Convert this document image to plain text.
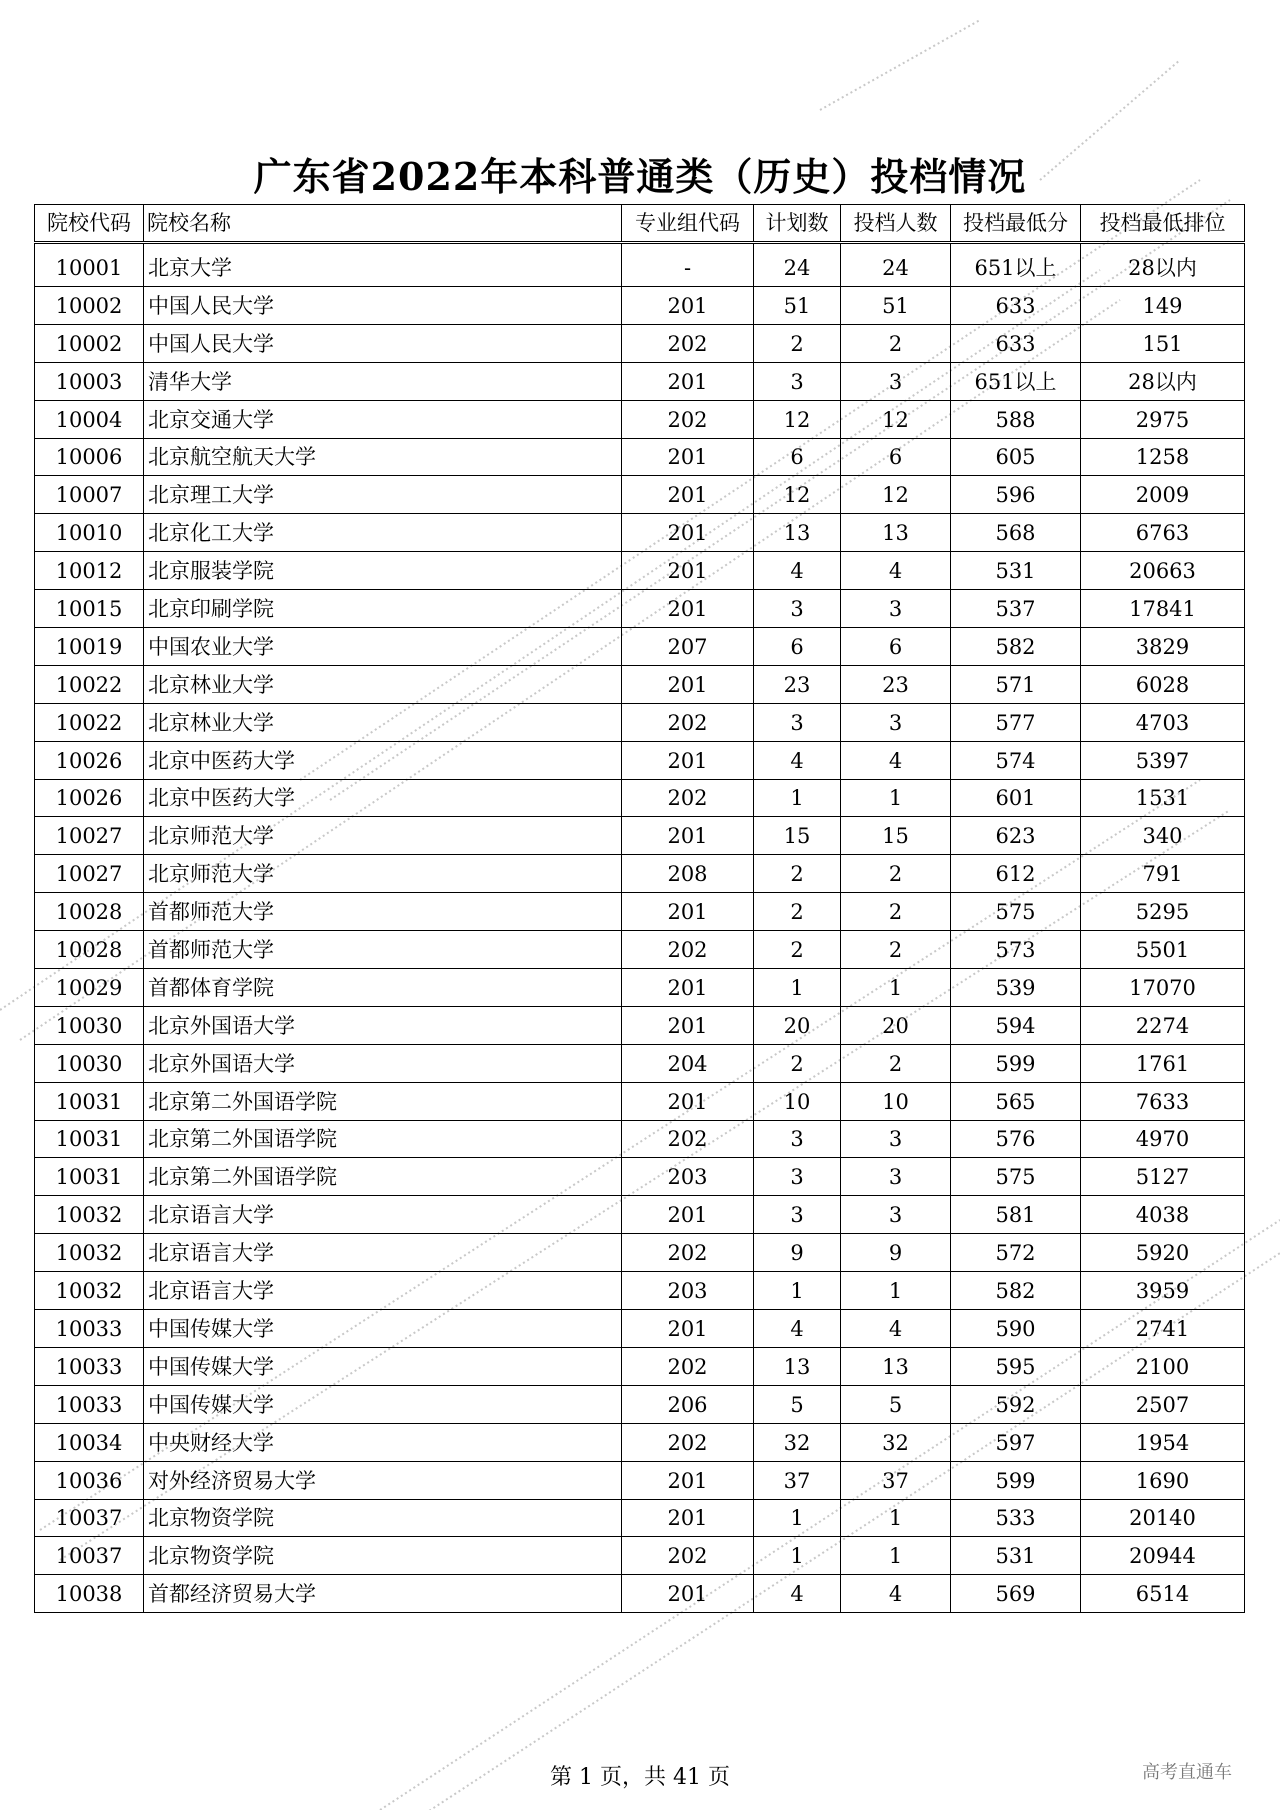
广东省2022年本科普通类（历史）投档情况
院校代码	院校名称	专业组代码	计划数	投档人数	投档最低分	投档最低排位
10001	北京大学	-	24	24	651以上	28以内
10002	中国人民大学	201	51	51	633	149
10002	中国人民大学	202	2	2	633	151
10003	清华大学	201	3	3	651以上	28以内
10004	北京交通大学	202	12	12	588	2975
10006	北京航空航天大学	201	6	6	605	1258
10007	北京理工大学	201	12	12	596	2009
10010	北京化工大学	201	13	13	568	6763
10012	北京服装学院	201	4	4	531	20663
10015	北京印刷学院	201	3	3	537	17841
10019	中国农业大学	207	6	6	582	3829
10022	北京林业大学	201	23	23	571	6028
10022	北京林业大学	202	3	3	577	4703
10026	北京中医药大学	201	4	4	574	5397
10026	北京中医药大学	202	1	1	601	1531
10027	北京师范大学	201	15	15	623	340
10027	北京师范大学	208	2	2	612	791
10028	首都师范大学	201	2	2	575	5295
10028	首都师范大学	202	2	2	573	5501
10029	首都体育学院	201	1	1	539	17070
10030	北京外国语大学	201	20	20	594	2274
10030	北京外国语大学	204	2	2	599	1761
10031	北京第二外国语学院	201	10	10	565	7633
10031	北京第二外国语学院	202	3	3	576	4970
10031	北京第二外国语学院	203	3	3	575	5127
10032	北京语言大学	201	3	3	581	4038
10032	北京语言大学	202	9	9	572	5920
10032	北京语言大学	203	1	1	582	3959
10033	中国传媒大学	201	4	4	590	2741
10033	中国传媒大学	202	13	13	595	2100
10033	中国传媒大学	206	5	5	592	2507
10034	中央财经大学	202	32	32	597	1954
10036	对外经济贸易大学	201	37	37	599	1690
10037	北京物资学院	201	1	1	533	20140
10037	北京物资学院	202	1	1	531	20944
10038	首都经济贸易大学	201	4	4	569	6514
第 1 页，共 41 页	高考直通车
